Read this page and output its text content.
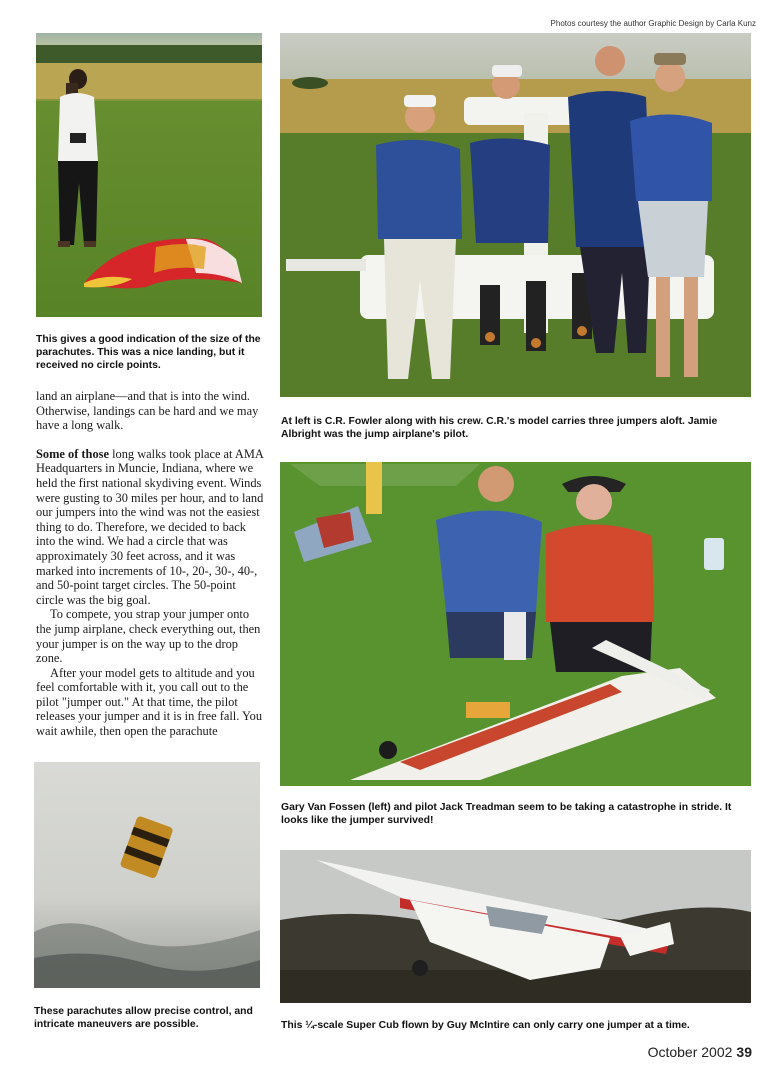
Photos courtesy the author Graphic Design by Carla Kunz
This gives a good indication of the size of the parachutes. This was a nice landing, but it received no circle points.
At left is C.R. Fowler along with his crew. C.R.'s model carries three jumpers aloft. Jamie Albright was the jump airplane's pilot.
Gary Van Fossen (left) and pilot Jack Treadman seem to be taking a catastrophe in stride. It looks like the jumper survived!

land an airplane—and that is into the wind. Otherwise, landings can be hard and we may have a long walk.

Some of those long walks took place at AMA Headquarters in Muncie, Indiana, where we held the first national skydiving event. Winds were gusting to 30 miles per hour, and to land our jumpers into the wind was not the easiest thing to do. Therefore, we decided to back into the wind. We had a circle that was approximately 30 feet across, and it was marked into increments of 10-, 20-, 30-, 40-, and 50-point target circles. The 50-point circle was the big goal.

To compete, you strap your jumper onto the jump airplane, check everything out, then your jumper is on the way up to the drop zone.

After your model gets to altitude and you feel comfortable with it, you call out to the pilot "jumper out." At that time, the pilot releases your jumper and it is in free fall. You wait awhile, then open the parachute

These parachutes allow precise control, and intricate maneuvers are possible.	This ¼-scale Super Cub flown by Guy McIntire can only carry one jumper at a time.
October 2002 39
